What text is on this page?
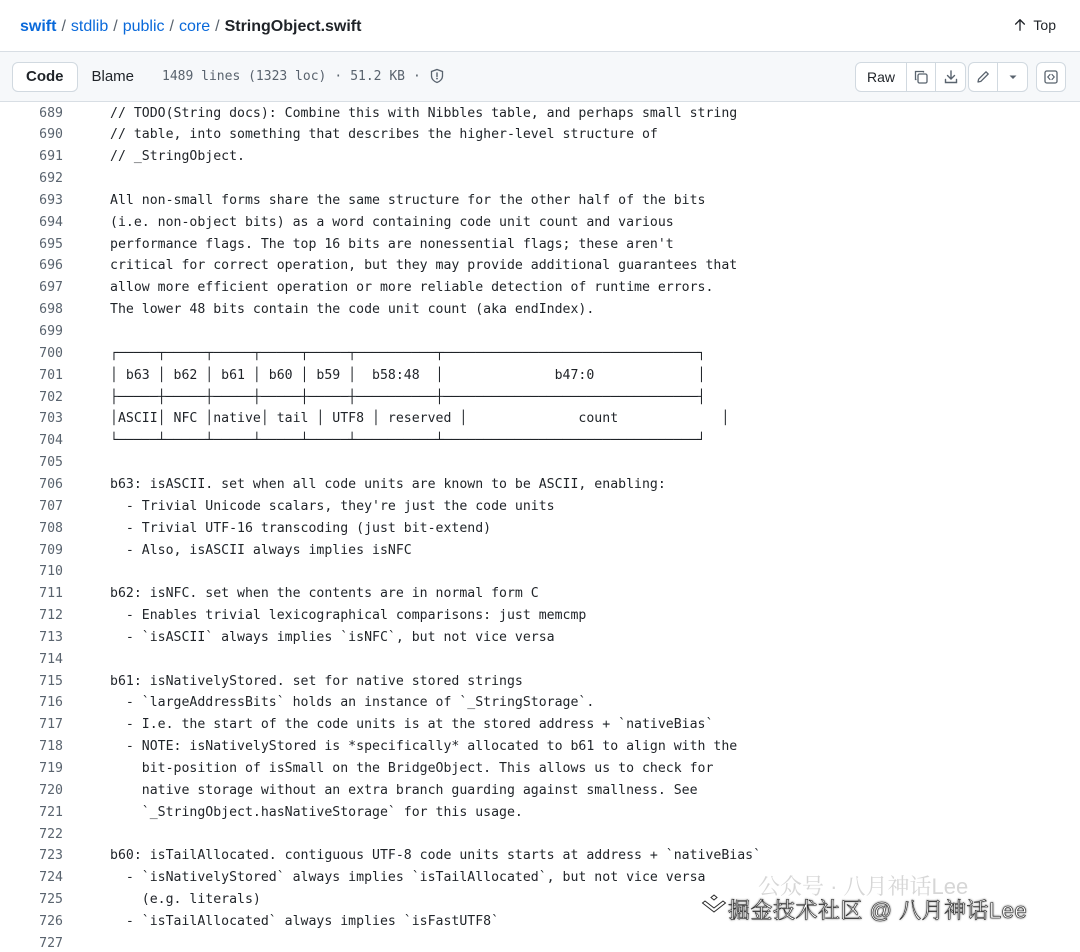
swift / stdlib / public / core / StringObject.swift	Top
Code	Blame	1489 lines (1323 loc) · 51.2 KB ·	Raw
689	// TODO(String docs): Combine this with Nibbles table, and perhaps small string
690	// table, into something that describes the higher-level structure of
691	// _StringObject.
692
693	All non-small forms share the same structure for the other half of the bits
694	(i.e. non-object bits) as a word containing code unit count and various
695	performance flags. The top 16 bits are nonessential flags; these aren't
696	critical for correct operation, but they may provide additional guarantees that
697	allow more efficient operation or more reliable detection of runtime errors.
698	The lower 48 bits contain the code unit count (aka endIndex).
699
700	┌─────┬─────┬─────┬─────┬─────┬──────────┬────────────────────────────────┐
701	│ b63 │ b62 │ b61 │ b60 │ b59 │  b58:48  │              b47:0             │
702	├─────┼─────┼─────┼─────┼─────┼──────────┼────────────────────────────────┤
703	│ASCII│ NFC │native│ tail │ UTF8 │ reserved │              count             │
704	└─────┴─────┴─────┴─────┴─────┴──────────┴────────────────────────────────┘
705
706	b63: isASCII. set when all code units are known to be ASCII, enabling:
707	- Trivial Unicode scalars, they're just the code units
708	- Trivial UTF-16 transcoding (just bit-extend)
709	- Also, isASCII always implies isNFC
710
711	b62: isNFC. set when the contents are in normal form C
712	- Enables trivial lexicographical comparisons: just memcmp
713	- `isASCII` always implies `isNFC`, but not vice versa
714
715	b61: isNativelyStored. set for native stored strings
716	- `largeAddressBits` holds an instance of `_StringStorage`.
717	- I.e. the start of the code units is at the stored address + `nativeBias`
718	- NOTE: isNativelyStored is *specifically* allocated to b61 to align with the
719	bit-position of isSmall on the BridgeObject. This allows us to check for
720	native storage without an extra branch guarding against smallness. See
721	`_StringObject.hasNativeStorage` for this usage.
722
723	b60: isTailAllocated. contiguous UTF-8 code units starts at address + `nativeBias`
724	- `isNativelyStored` always implies `isTailAllocated`, but not vice versa
725	(e.g. literals)
726	- `isTailAllocated` always implies `isFastUTF8`
727
公众号 · 八月神话Lee
掘金技术社区 @ 八月神话Lee
